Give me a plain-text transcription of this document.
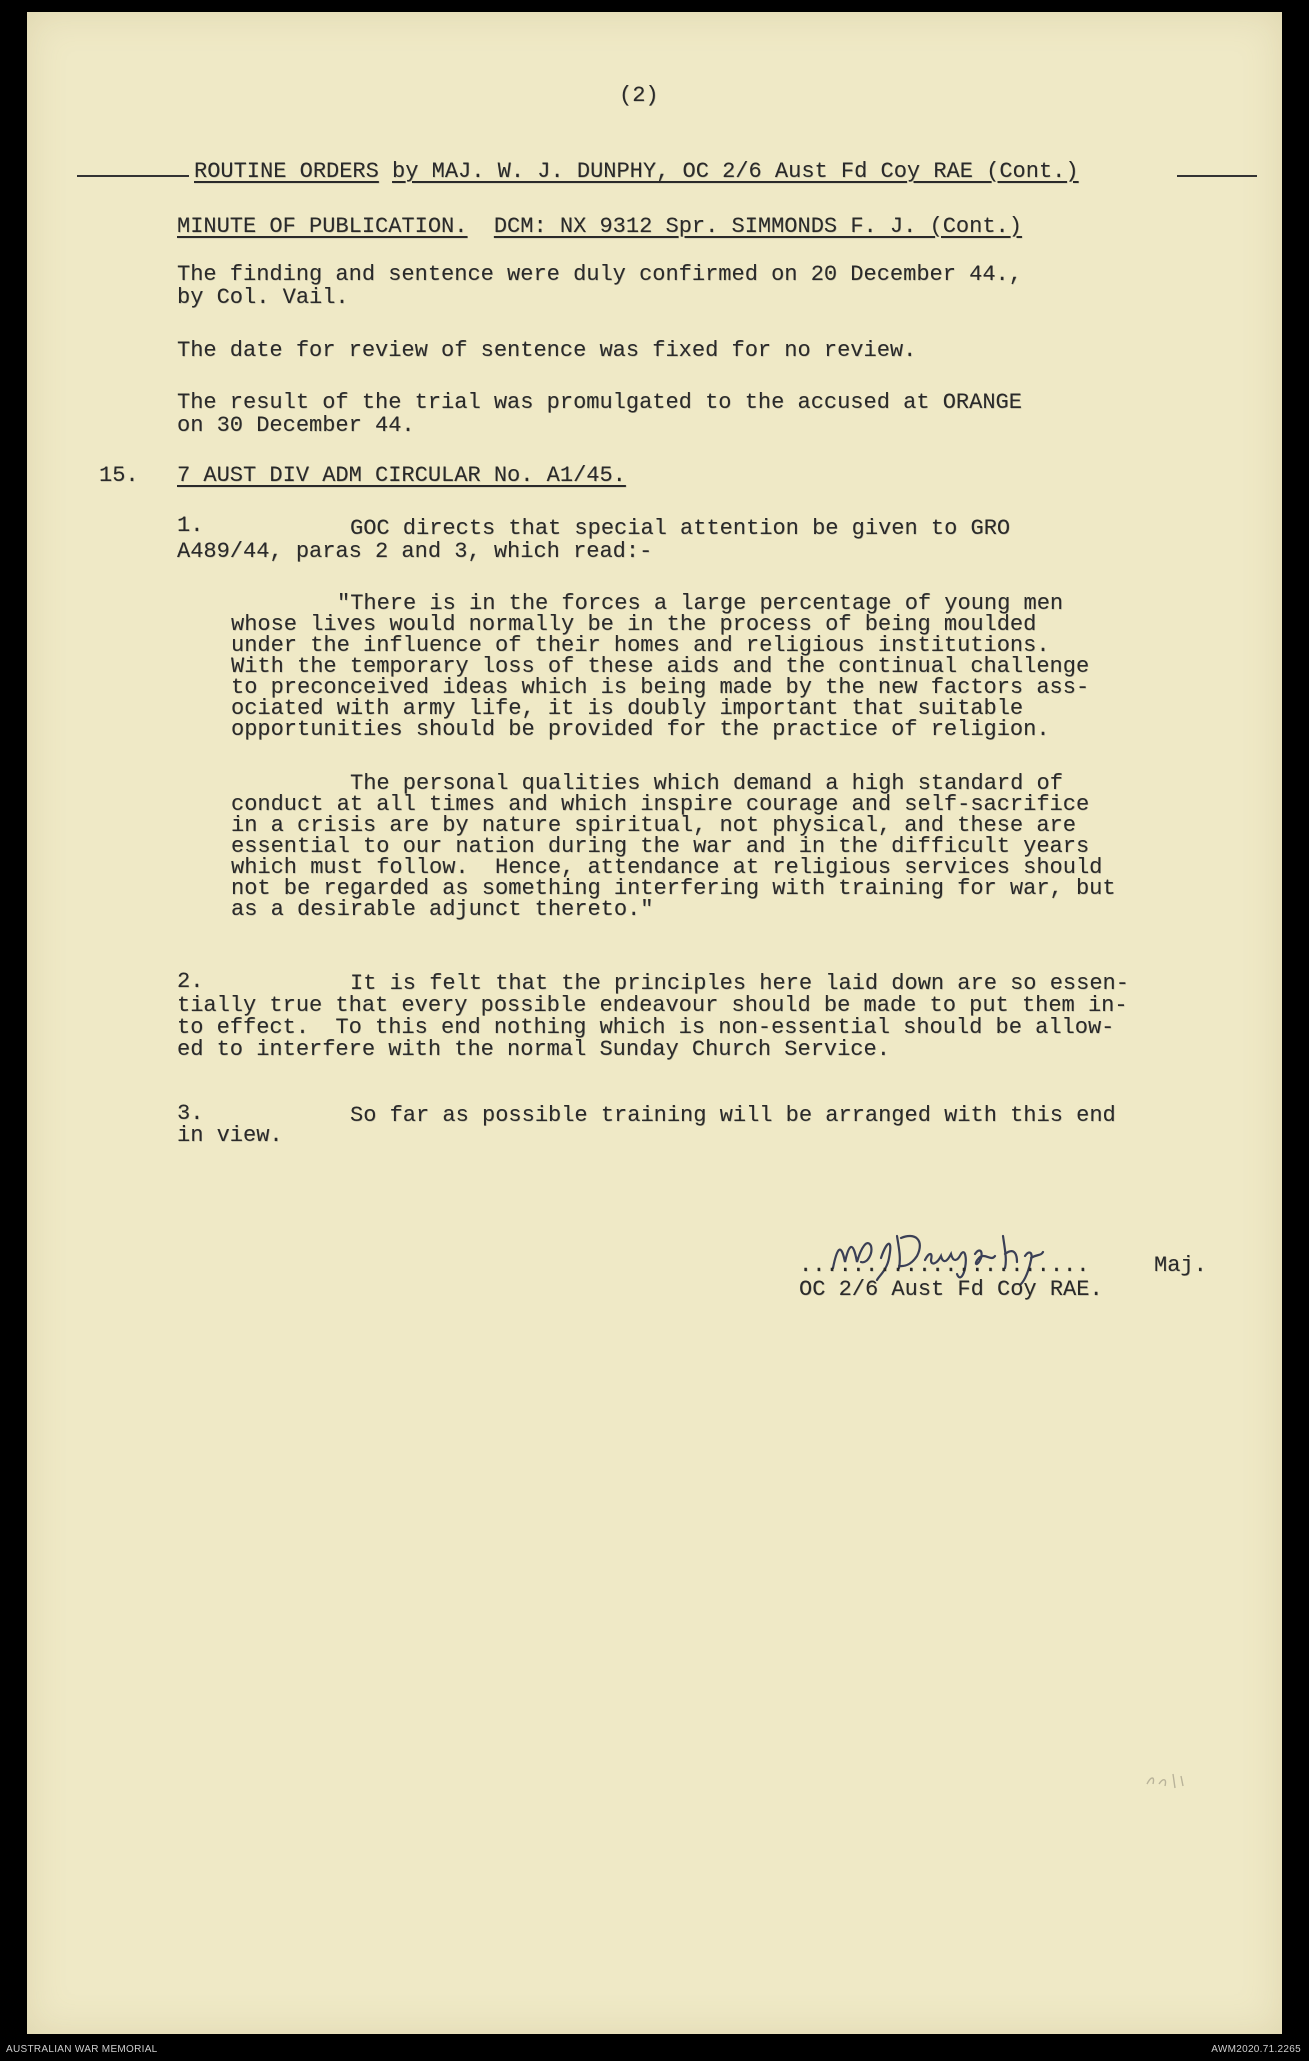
(2)

ROUTINE ORDERS by MAJ. W. J. DUNPHY, OC 2/6 Aust Fd Coy RAE (Cont.)

MINUTE OF PUBLICATION. DCM: NX 9312 Spr. SIMMONDS F. J. (Cont.)

The finding and sentence were duly confirmed on 20 December 44.,

by Col. Vail.

The date for review of sentence was fixed for no review.

The result of the trial was promulgated to the accused at ORANGE

on 30 December 44.

15. 7 AUST DIV ADM CIRCULAR No. A1/45.

1.	GOC directs that special attention be given to GRO

A489/44, paras 2 and 3, which read:-

"There is in the forces a large percentage of young men

whose lives would normally be in the process of being moulded

under the influence of their homes and religious institutions.

With the temporary loss of these aids and the continual challenge

to preconceived ideas which is being made by the new factors ass-

ociated with army life, it is doubly important that suitable

opportunities should be provided for the practice of religion.

The personal qualities which demand a high standard of

conduct at all times and which inspire courage and self-sacrifice

in a crisis are by nature spiritual, not physical, and these are

essential to our nation during the war and in the difficult years

which must follow.  Hence, attendance at religious services should

not be regarded as something interfering with training for war, but

as a desirable adjunct thereto."

2.	It is felt that the principles here laid down are so essen-

tially true that every possible endeavour should be made to put them in-

to effect.  To this end nothing which is non-essential should be allow-

ed to interfere with the normal Sunday Church Service.

3.	So far as possible training will be arranged with this end

in view.

......................	Maj.

OC 2/6 Aust Fd Coy RAE.

AUSTRALIAN WAR MEMORIAL	AWM2020.71.2265
